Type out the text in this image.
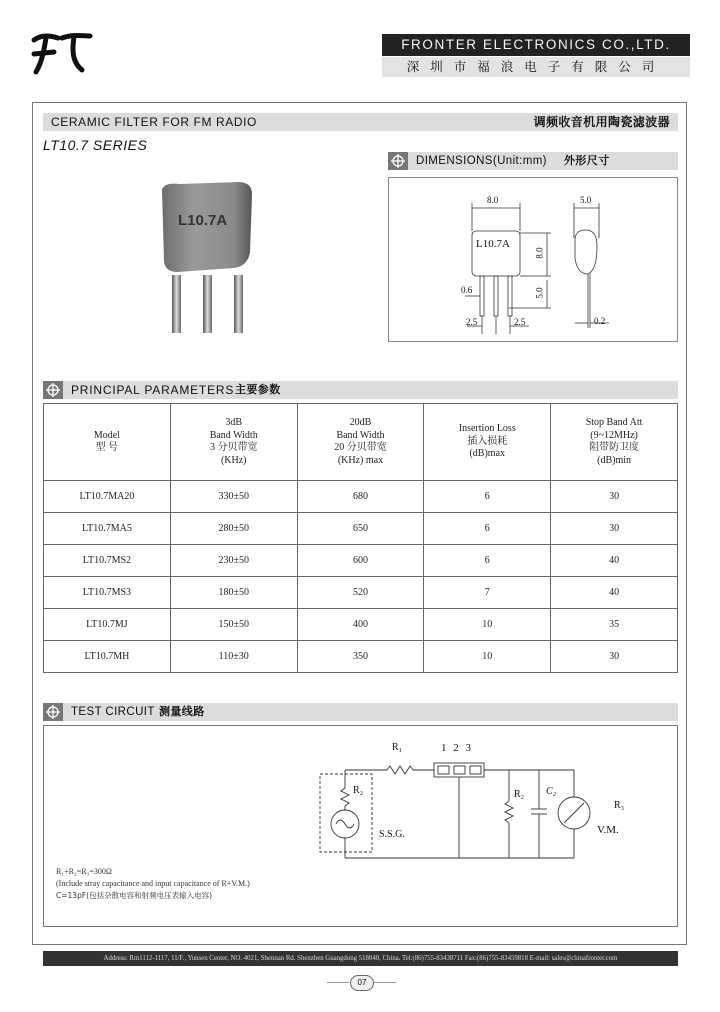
FRONTER ELECTRONICS CO.,LTD.
深圳市福浪电子有限公司
CERAMIC FILTER FOR FM RADIO	调频收音机用陶瓷滤波器
LT10.7 SERIES
L10.7A
DIMENSIONS(Unit:mm) 外形尺寸
8.0
L10.7A
8.0
5.0
0.6
2.5	2.5
5.0
0.2
PRINCIPAL PARAMETERS 主要参数
Model
型 号	3dB
Band Width
3 分贝带宽
(KHz)	20dB
Band Width
20 分贝带宽
(KHz) max	Insertion Loss
插入损耗
(dB)max	Stop Band Att
(9~12MHz)
阻带防卫度
(dB)min

LT10.7MA20	330±50	680	6	30
LT10.7MA5	280±50	650	6	30
LT10.7MS2	230±50	600	6	40
LT10.7MS3	180±50	520	7	40
LT10.7MJ	150±50	400	10	35
LT10.7MH	110±30	350	10	30
TEST CIRCUIT 测量线路
R₁	1 2 3
R₂
S.S.G.
R₂ C₂
R₃
V.M.
R₁+R₂=R₃=300Ω
(Include stray capacitance and input capacitance of R+V.M.)
C=13pF(包括杂散电容和射频电压表输入电容)
Address: Rm1112-1117, 11/F., Yunsen Center, NO. 4021, Shennan Rd. Shenzhen Guangdong 518040, China. Tel:(86)755-83438711 Fax:(86)755-83459818 E-mail: sales@chinafronter.com
07
